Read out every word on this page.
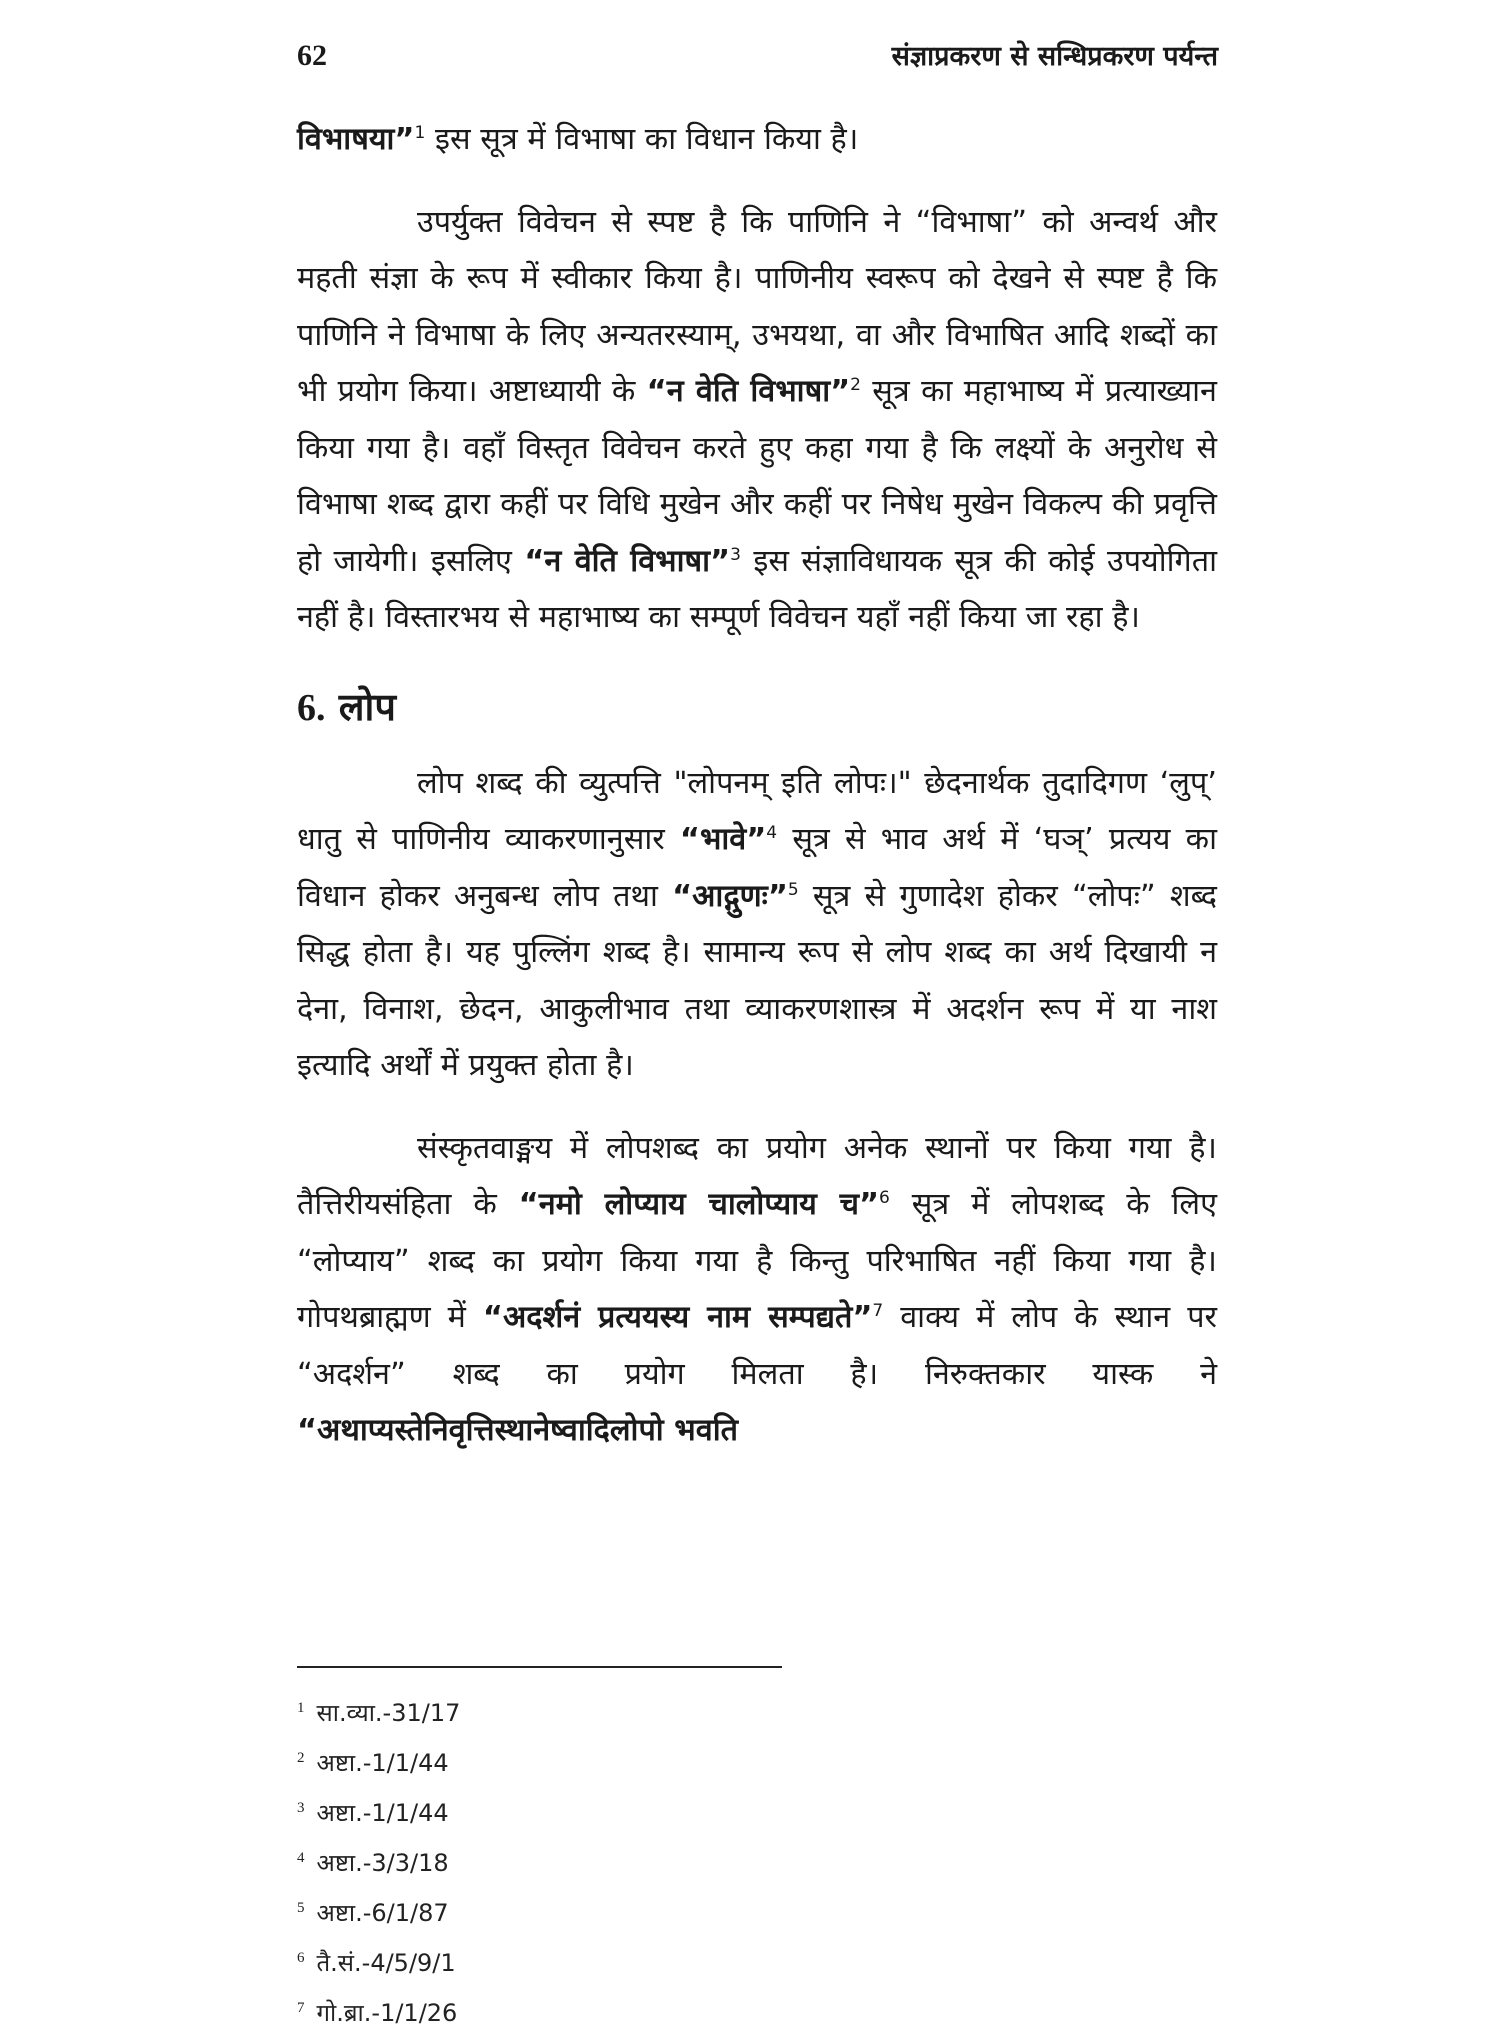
62	संज्ञाप्रकरण से सन्धिप्रकरण पर्यन्त

विभाषया”$^1$ इस सूत्र में विभाषा का विधान किया है।

उपर्युक्त विवेचन से स्पष्ट है कि पाणिनि ने “विभाषा” को अन्वर्थ और महती संज्ञा के रूप में स्वीकार किया है। पाणिनीय स्वरूप को देखने से स्पष्ट है कि पाणिनि ने विभाषा के लिए अन्यतरस्याम्, उभयथा, वा और विभाषित आदि शब्दों का भी प्रयोग किया। अष्टाध्यायी के “न वेति विभाषा”$^2$ सूत्र का महाभाष्य में प्रत्याख्यान किया गया है। वहाँ विस्तृत विवेचन करते हुए कहा गया है कि लक्ष्यों के अनुरोध से विभाषा शब्द द्वारा कहीं पर विधि मुखेन और कहीं पर निषेध मुखेन विकल्प की प्रवृत्ति हो जायेगी। इसलिए “न वेति विभाषा”$^3$ इस संज्ञाविधायक सूत्र की कोई उपयोगिता नहीं है। विस्तारभय से महाभाष्य का सम्पूर्ण विवेचन यहाँ नहीं किया जा रहा है।

6. लोप

लोप शब्द की व्युत्पत्ति "लोपनम् इति लोपः।" छेदनार्थक तुदादिगण ‘लुप्’ धातु से पाणिनीय व्याकरणानुसार “भावे”$^4$ सूत्र से भाव अर्थ में ‘घञ्’ प्रत्यय का विधान होकर अनुबन्ध लोप तथा “आद्गुणः”$^5$ सूत्र से गुणादेश होकर “लोपः” शब्द सिद्ध होता है। यह पुल्लिंग शब्द है। सामान्य रूप से लोप शब्द का अर्थ दिखायी न देना, विनाश, छेदन, आकुलीभाव तथा व्याकरणशास्त्र में अदर्शन रूप में या नाश इत्यादि अर्थों में प्रयुक्त होता है।

संस्कृतवाङ्मय में लोपशब्द का प्रयोग अनेक स्थानों पर किया गया है। तैत्तिरीयसंहिता के “नमो लोप्याय चालोप्याय च”$^6$ सूत्र में लोपशब्द के लिए “लोप्याय” शब्द का प्रयोग किया गया है किन्तु परिभाषित नहीं किया गया है। गोपथब्राह्मण में “अदर्शनं प्रत्ययस्य नाम सम्पद्यते”$^7$ वाक्य में लोप के स्थान पर “अदर्शन” शब्द का प्रयोग मिलता है। निरुक्तकार यास्क ने “अथाप्यस्तेनिवृत्तिस्थानेष्वादिलोपो भवति

$^1$ सा.व्या.-31/17
$^2$ अष्टा.-1/1/44
$^3$ अष्टा.-1/1/44
$^4$ अष्टा.-3/3/18
$^5$ अष्टा.-6/1/87
$^6$ तै.सं.-4/5/9/1
$^7$ गो.ब्रा.-1/1/26
